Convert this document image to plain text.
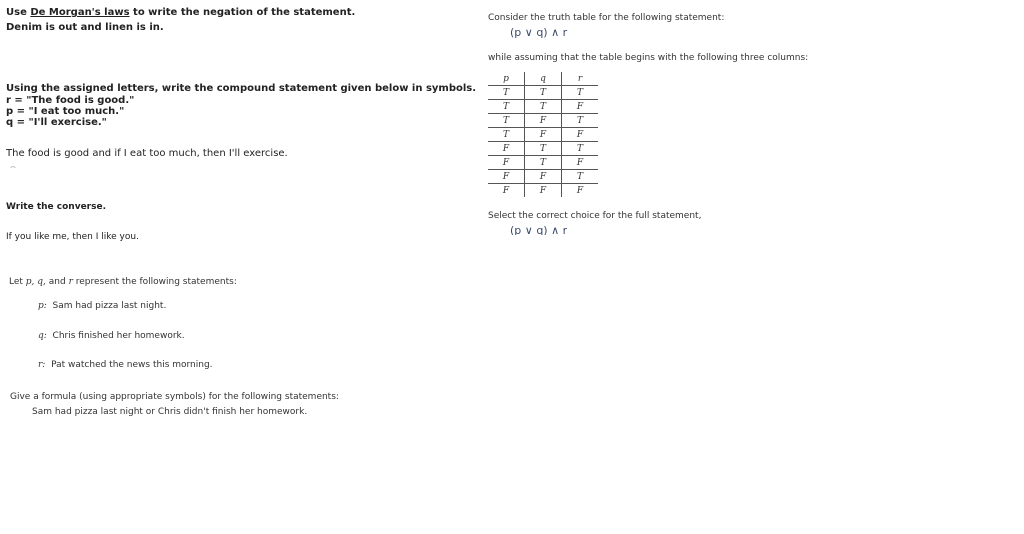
Use De Morgan's laws to write the negation of the statement.
Denim is out and linen is in.
Using the assigned letters, write the compound statement given below in symbols.
r = "The food is good."
p = "I eat too much."
q = "I'll exercise."
The food is good and if I eat too much, then I'll exercise.
⌢
Write the converse.
If you like me, then I like you.
Let p, q, and r represent the following statements:
p: Sam had pizza last night.
q: Chris finished her homework.
r: Pat watched the news this morning.
Give a formula (using appropriate symbols) for the following statements:
Sam had pizza last night or Chris didn't finish her homework.
Consider the truth table for the following statement:
(p ∨ q) ∧ r
while assuming that the table begins with the following three columns:
p	q	r
T	T	T
T	T	F
T	F	T
T	F	F
F	T	T
F	T	F
F	F	T
F	F	F
Select the correct choice for the full statement,
(p ∨ q) ∧ r
